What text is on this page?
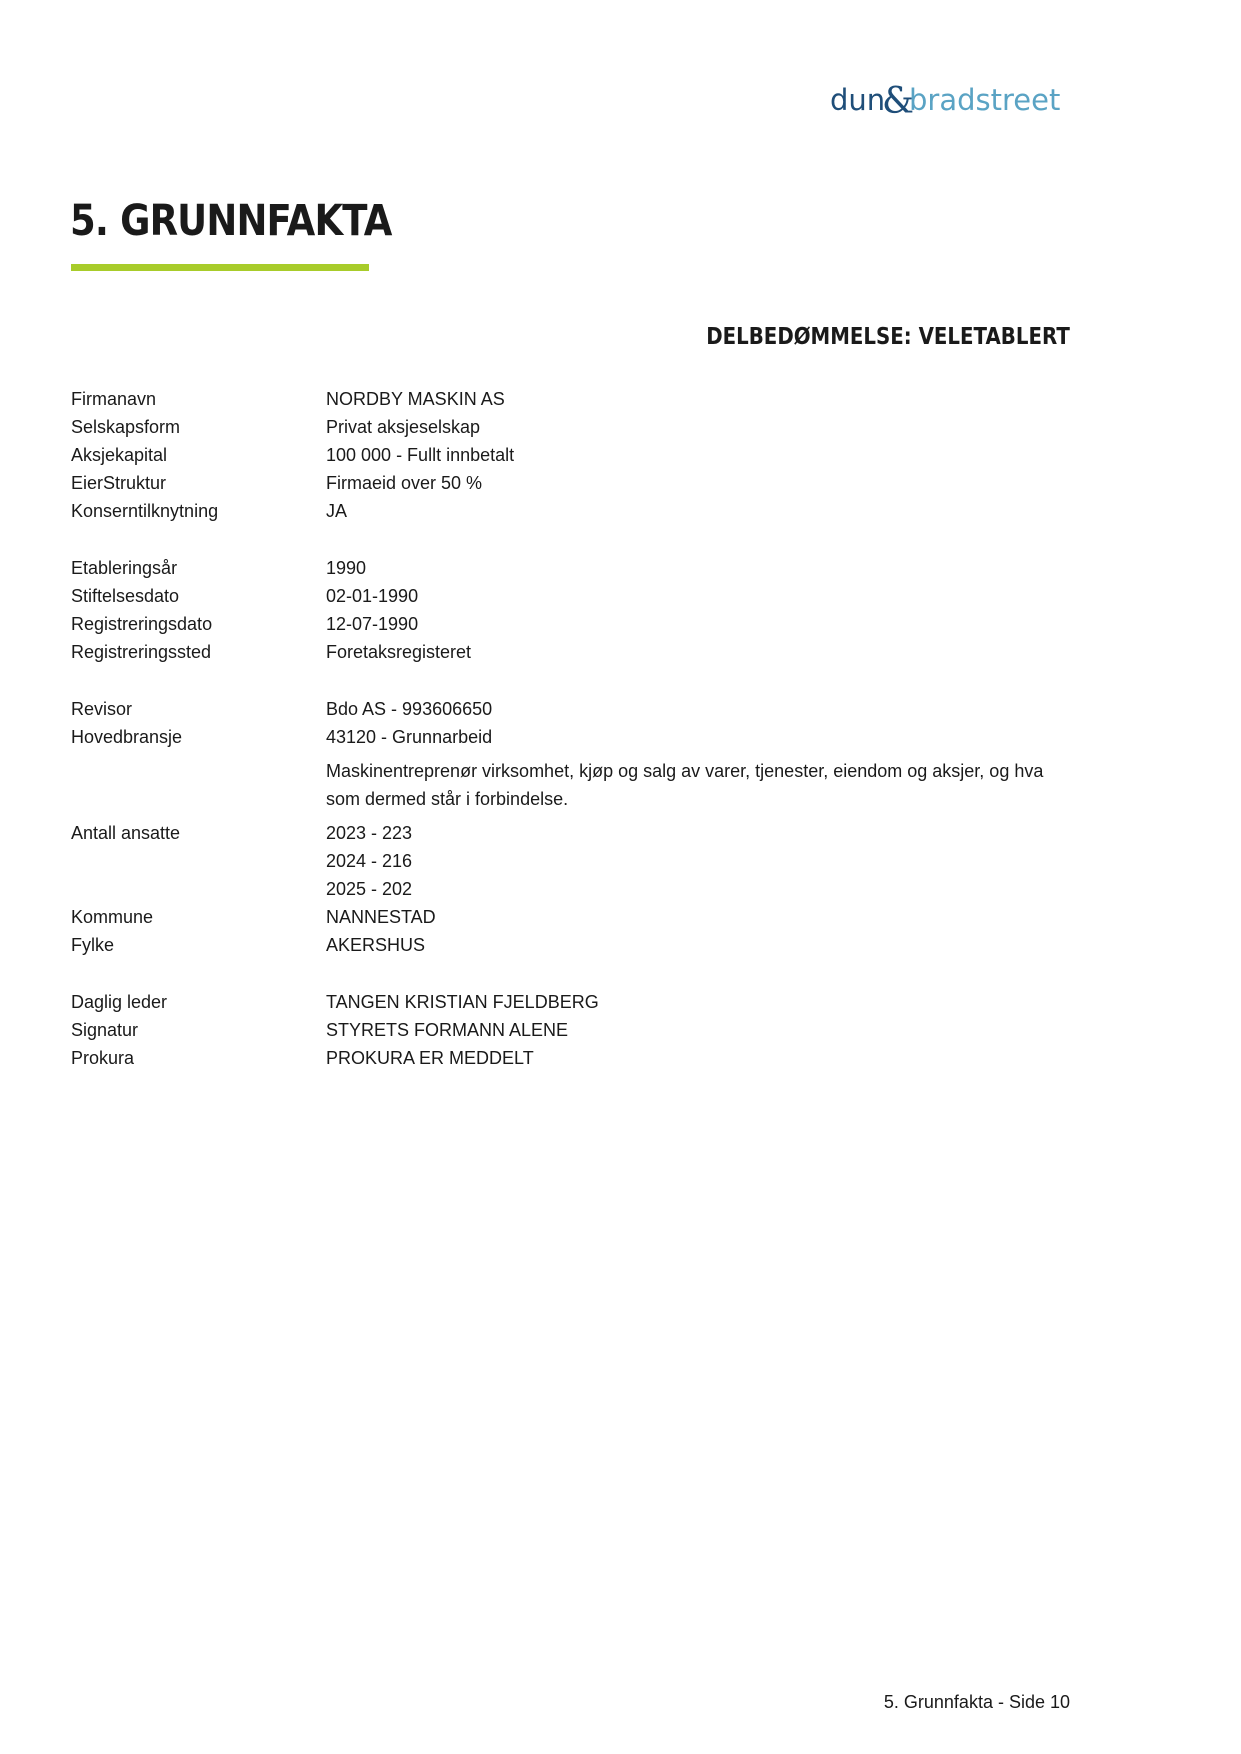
dun
&
bradstreet
5. GRUNNFAKTA
DELBEDØMMELSE: VELETABLERT
Firmanavn	NORDBY MASKIN AS
Selskapsform	Privat aksjeselskap
Aksjekapital	100 000 - Fullt innbetalt
EierStruktur	Firmaeid over 50 %
Konserntilknytning	JA
Etableringsår	1990
Stiftelsesdato	02-01-1990
Registreringsdato	12-07-1990
Registreringssted	Foretaksregisteret
Revisor	Bdo AS - 993606650
Hovedbransje	43120 - Grunnarbeid
Maskinentreprenør virksomhet, kjøp og salg av varer, tjenester, eiendom og aksjer, og hva som dermed står i forbindelse.
Antall ansatte	2023 - 223
2024 - 216
2025 - 202
Kommune	NANNESTAD
Fylke	AKERSHUS
Daglig leder	TANGEN KRISTIAN FJELDBERG
Signatur	STYRETS FORMANN ALENE
Prokura	PROKURA ER MEDDELT
5. Grunnfakta - Side 10
